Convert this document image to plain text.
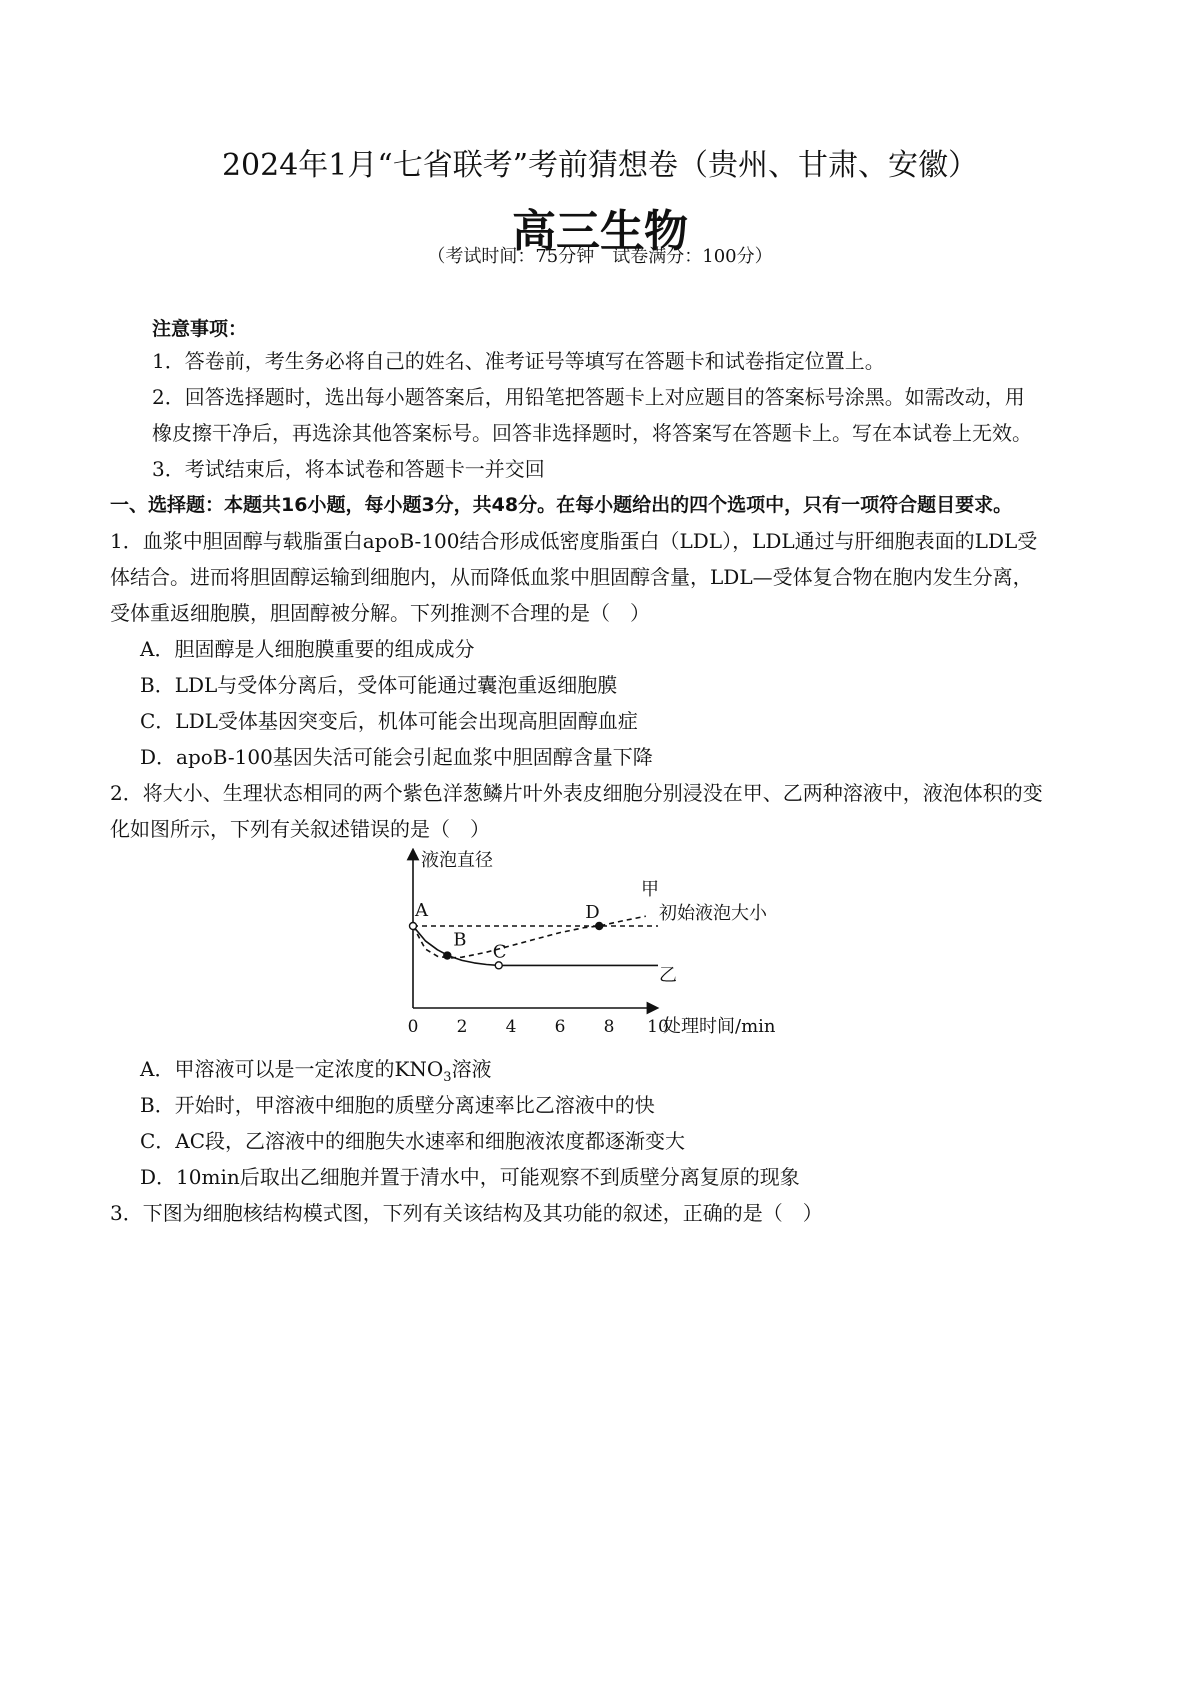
2024年1月“七省联考”考前猜想卷（贵州、甘肃、安徽）
高三生物
（考试时间：75分钟　试卷满分：100分）
注意事项：
1．答卷前，考生务必将自己的姓名、准考证号等填写在答题卡和试卷指定位置上。
2．回答选择题时，选出每小题答案后，用铅笔把答题卡上对应题目的答案标号涂黑。如需改动，用
橡皮擦干净后，再选涂其他答案标号。回答非选择题时，将答案写在答题卡上。写在本试卷上无效。
3．考试结束后，将本试卷和答题卡一并交回
一、选择题：本题共16小题，每小题3分，共48分。在每小题给出的四个选项中，只有一项符合题目要求。
1．血浆中胆固醇与载脂蛋白apoB-100结合形成低密度脂蛋白（LDL），LDL通过与肝细胞表面的LDL受
体结合。进而将胆固醇运输到细胞内，从而降低血浆中胆固醇含量，LDL—受体复合物在胞内发生分离，
受体重返细胞膜，胆固醇被分解。下列推测不合理的是（　）
A．胆固醇是人细胞膜重要的组成成分
B．LDL与受体分离后，受体可能通过囊泡重返细胞膜
C．LDL受体基因突变后，机体可能会出现高胆固醇血症
D．apoB-100基因失活可能会引起血浆中胆固醇含量下降
2．将大小、生理状态相同的两个紫色洋葱鳞片叶外表皮细胞分别浸没在甲、乙两种溶液中，液泡体积的变
化如图所示，下列有关叙述错误的是（　）
液泡直径
处理时间/min
0 2 4 6 8 10
A
B
C
D
甲
乙
初始液泡大小
A．甲溶液可以是一定浓度的$KNO_3$溶液
B．开始时，甲溶液中细胞的质壁分离速率比乙溶液中的快
C．AC段，乙溶液中的细胞失水速率和细胞液浓度都逐渐变大
D．10min后取出乙细胞并置于清水中，可能观察不到质壁分离复原的现象
3．下图为细胞核结构模式图，下列有关该结构及其功能的叙述，正确的是（　）
